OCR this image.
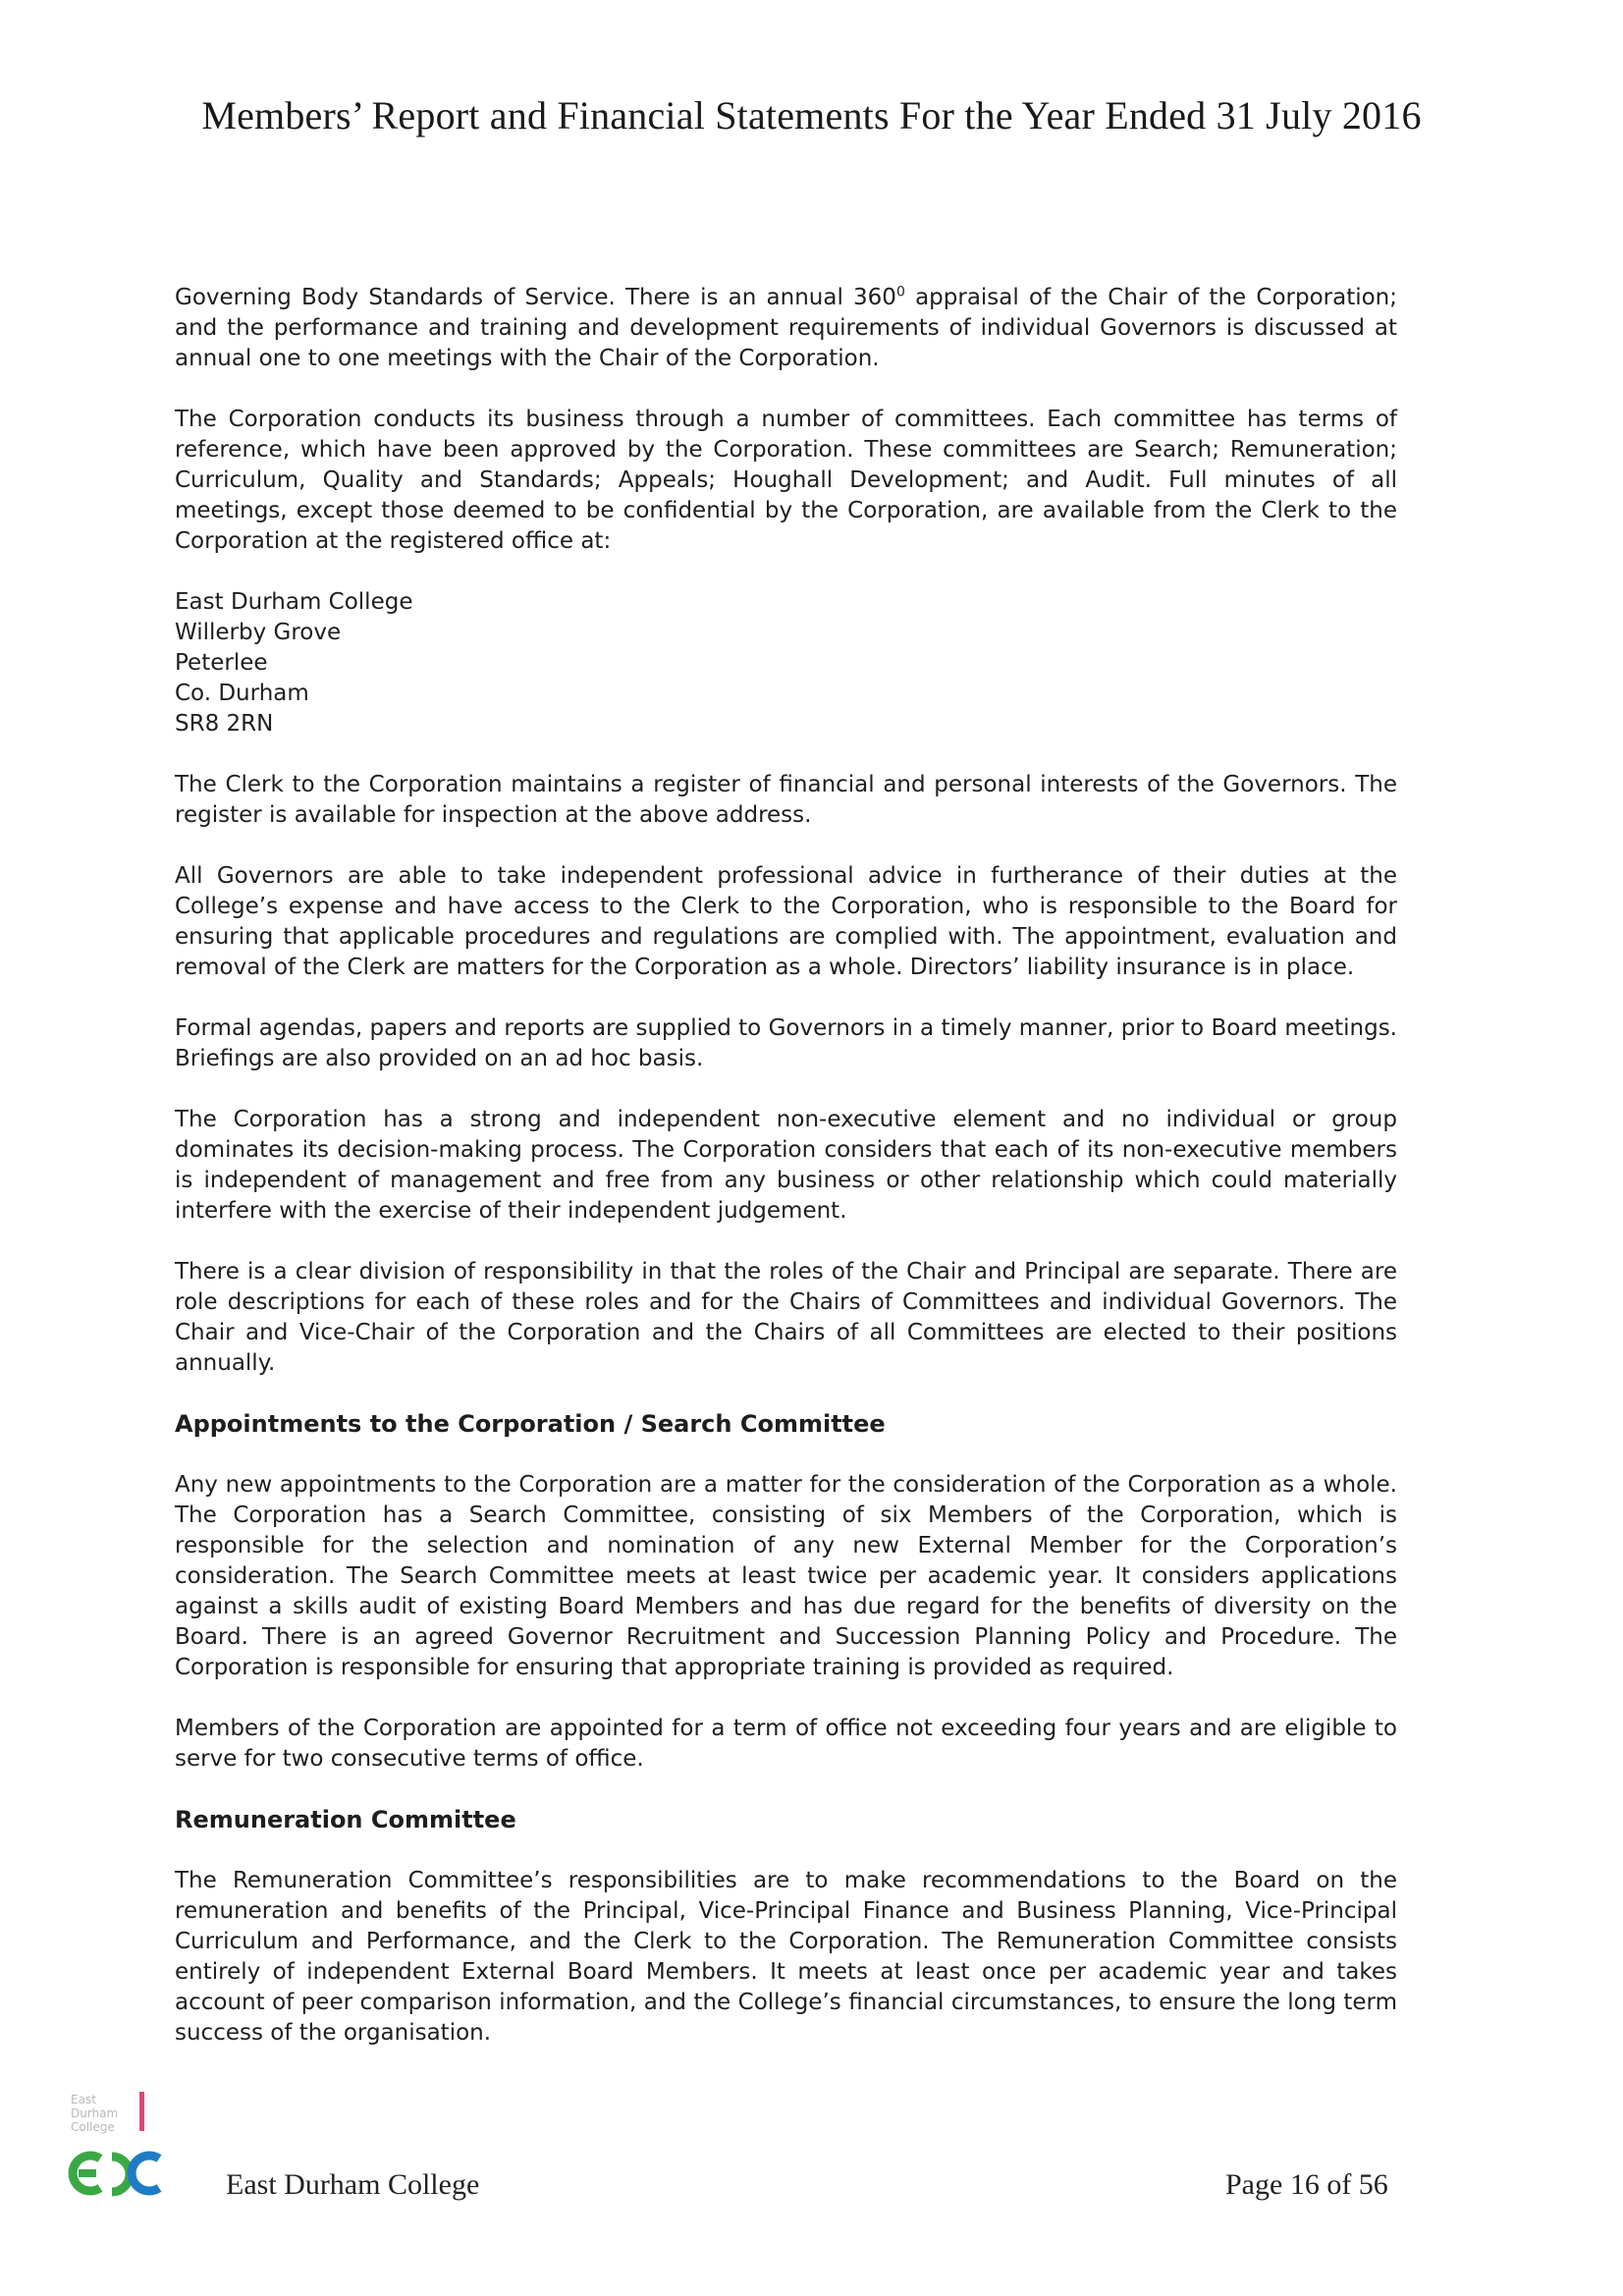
Members’ Report and Financial Statements For the Year Ended 31 July 2016

Governing Body Standards of Service. There is an annual $360^0$ appraisal of the Chair of the Corporation; and the performance and training and development requirements of individual Governors is discussed at annual one to one meetings with the Chair of the Corporation.

The Corporation conducts its business through a number of committees. Each committee has terms of reference, which have been approved by the Corporation. These committees are Search; Remuneration; Curriculum, Quality and Standards; Appeals; Houghall Development; and Audit. Full minutes of all meetings, except those deemed to be confidential by the Corporation, are available from the Clerk to the Corporation at the registered office at:

East Durham College
Willerby Grove
Peterlee
Co. Durham
SR8 2RN

The Clerk to the Corporation maintains a register of financial and personal interests of the Governors. The register is available for inspection at the above address.

All Governors are able to take independent professional advice in furtherance of their duties at the College’s expense and have access to the Clerk to the Corporation, who is responsible to the Board for ensuring that applicable procedures and regulations are complied with. The appointment, evaluation and removal of the Clerk are matters for the Corporation as a whole. Directors’ liability insurance is in place.

Formal agendas, papers and reports are supplied to Governors in a timely manner, prior to Board meetings. Briefings are also provided on an ad hoc basis.

The Corporation has a strong and independent non-executive element and no individual or group dominates its decision-making process. The Corporation considers that each of its non-executive members is independent of management and free from any business or other relationship which could materially interfere with the exercise of their independent judgement.

There is a clear division of responsibility in that the roles of the Chair and Principal are separate. There are role descriptions for each of these roles and for the Chairs of Committees and individual Governors. The Chair and Vice-Chair of the Corporation and the Chairs of all Committees are elected to their positions annually.

Appointments to the Corporation / Search Committee

Any new appointments to the Corporation are a matter for the consideration of the Corporation as a whole. The Corporation has a Search Committee, consisting of six Members of the Corporation, which is responsible for the selection and nomination of any new External Member for the Corporation’s consideration. The Search Committee meets at least twice per academic year. It considers applications against a skills audit of existing Board Members and has due regard for the benefits of diversity on the Board. There is an agreed Governor Recruitment and Succession Planning Policy and Procedure. The Corporation is responsible for ensuring that appropriate training is provided as required.

Members of the Corporation are appointed for a term of office not exceeding four years and are eligible to serve for two consecutive terms of office.

Remuneration Committee

The Remuneration Committee’s responsibilities are to make recommendations to the Board on the remuneration and benefits of the Principal, Vice-Principal Finance and Business Planning, Vice-Principal Curriculum and Performance, and the Clerk to the Corporation. The Remuneration Committee consists entirely of independent External Board Members. It meets at least once per academic year and takes account of peer comparison information, and the College’s financial circumstances, to ensure the long term success of the organisation.

East
Durham
College
East Durham College	Page 16 of 56
